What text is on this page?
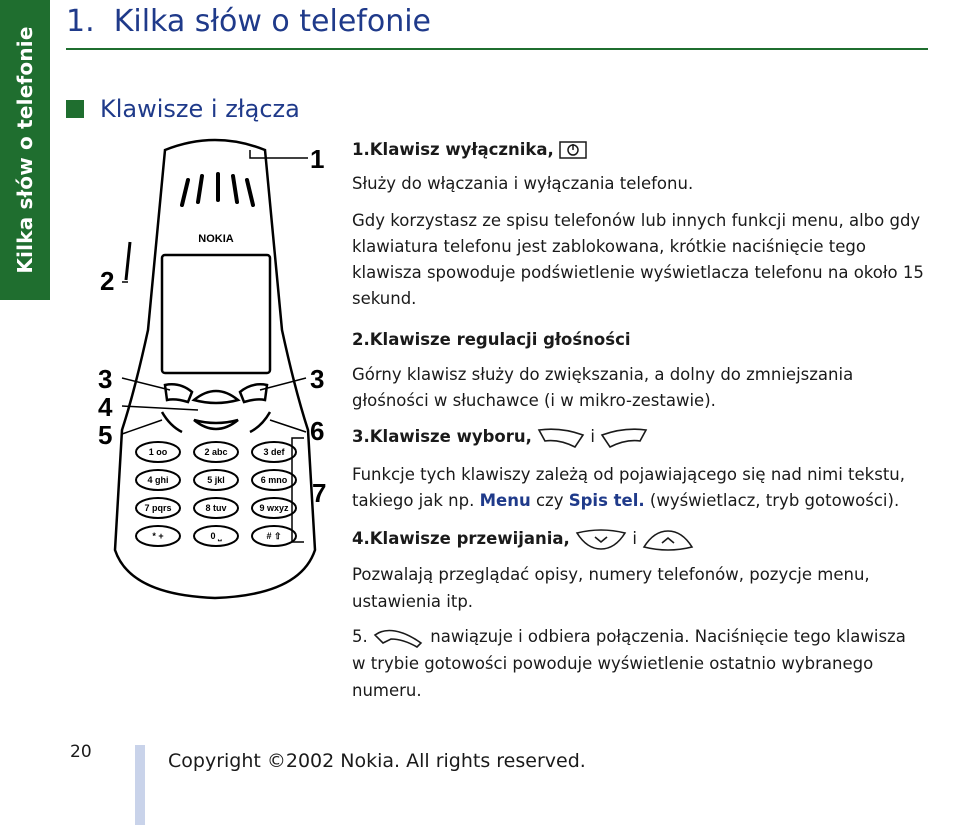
Kilka słów o telefonie
1. Kilka słów o telefonie
Klawisze i złącza
NOKIA
1 ᴏᴏ	2 abc	3 def
4 ghi	5 jkl	6 mno
7 pqrs	8 tuv	9 wxyz
* +	0 ⎵	# ⇧
2
3
4
5
1
3
6
7
1.Klawisz wyłącznika,
Służy do włączania i wyłączania telefonu.
Gdy korzystasz ze spisu telefonów lub innych funkcji menu, albo gdy
klawiatura telefonu jest zablokowana, krótkie naciśnięcie tego
klawisza spowoduje podświetlenie wyświetlacza telefonu na około 15
sekund.
2.Klawisze regulacji głośności
Górny klawisz służy do zwiększania, a dolny do zmniejszania
głośności w słuchawce (i w mikro-zestawie).
3.Klawisze wyboru,	i
Funkcje tych klawiszy zależą od pojawiającego się nad nimi tekstu,
takiego jak np. Menu czy Spis tel. (wyświetlacz, tryb gotowości).
4.Klawisze przewijania,	i
Pozwalają przeglądać opisy, numery telefonów, pozycje menu,
ustawienia itp.
5.	nawiązuje i odbiera połączenia. Naciśnięcie tego klawisza
w trybie gotowości powoduje wyświetlenie ostatnio wybranego
numeru.
20	Copyright ©2002 Nokia. All rights reserved.
